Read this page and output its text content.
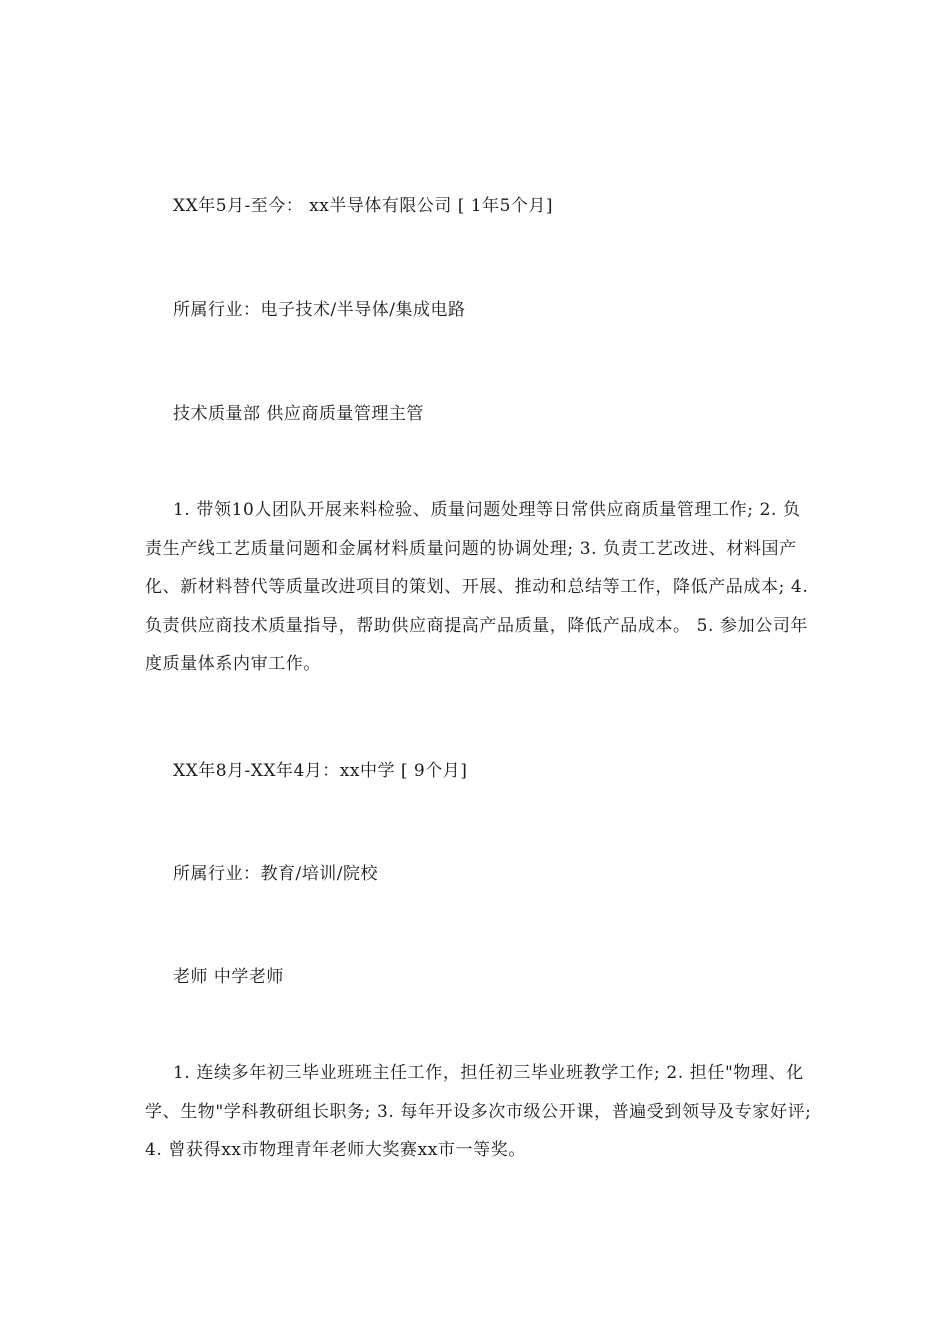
XX年5月-至今： xx半导体有限公司 [ 1年5个月]
所属行业：电子技术/半导体/集成电路
技术质量部 供应商质量管理主管
1. 带领10人团队开展来料检验、质量问题处理等日常供应商质量管理工作; 2. 负责生产线工艺质量问题和金属材料质量问题的协调处理; 3. 负责工艺改进、材料国产化、新材料替代等质量改进项目的策划、开展、推动和总结等工作，降低产品成本; 4. 负责供应商技术质量指导，帮助供应商提高产品质量，降低产品成本。 5. 参加公司年度质量体系内审工作。
XX年8月-XX年4月：xx中学 [ 9个月]
所属行业：教育/培训/院校
老师 中学老师
1. 连续多年初三毕业班班主任工作，担任初三毕业班教学工作; 2. 担任"物理、化学、生物"学科教研组长职务; 3. 每年开设多次市级公开课，普遍受到领导及专家好评; 4. 曾获得xx市物理青年老师大奖赛xx市一等奖。
